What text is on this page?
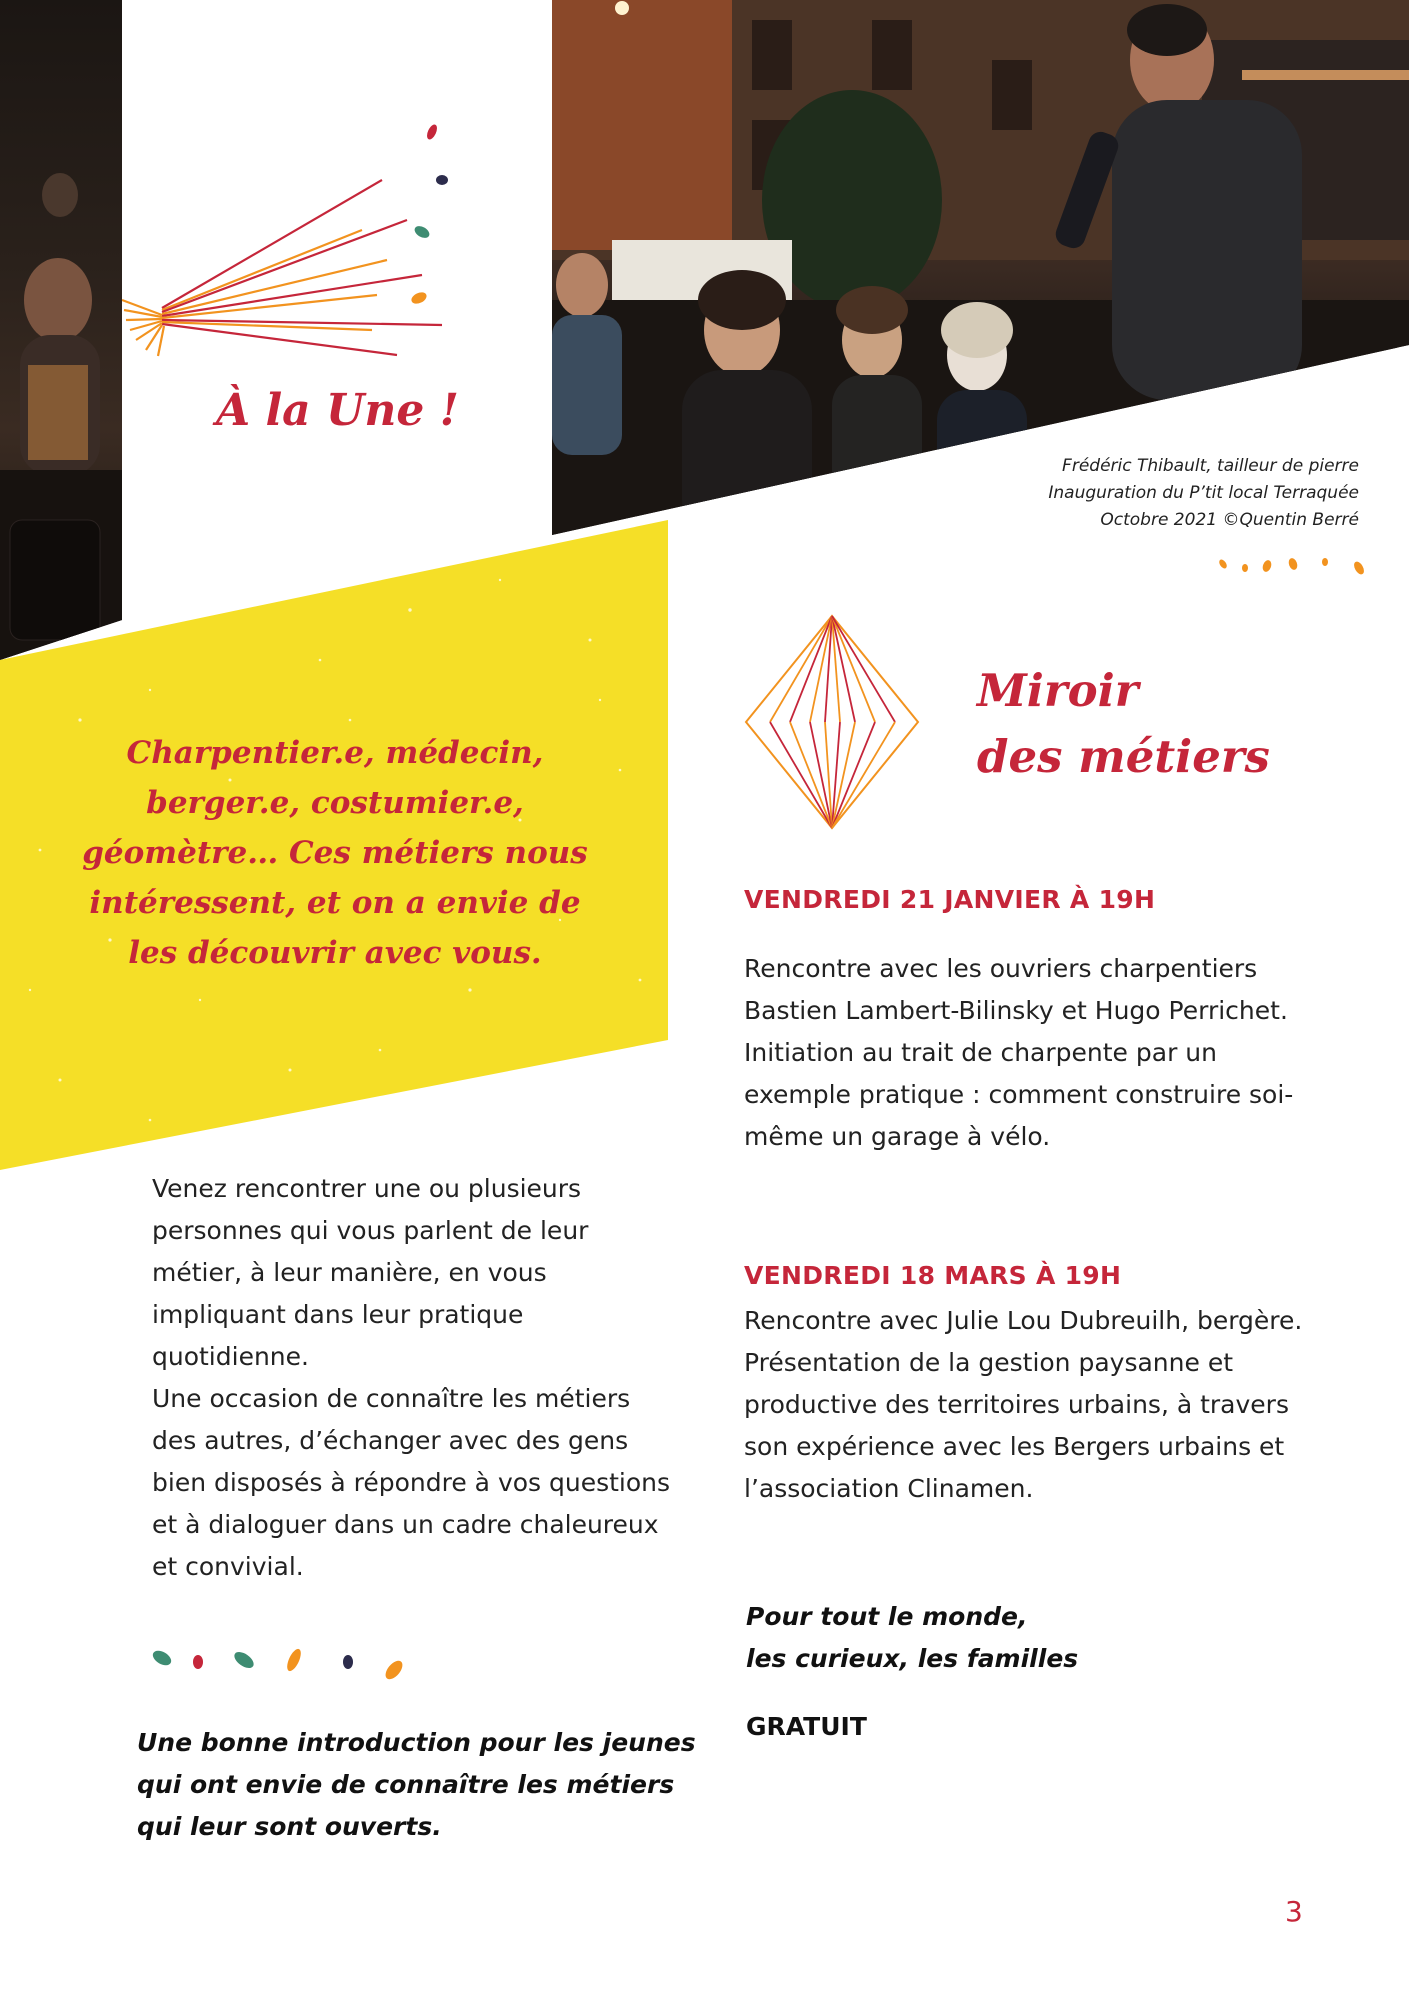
À la Une !
Frédéric Thibault, tailleur de pierre
Inauguration du P’tit local Terraquée
Octobre 2021 ©Quentin Berré

Charpentier.e, médecin, berger.e, costumier.e, géomètre… Ces métiers nous intéressent, et on a envie de les découvrir avec vous.

Venez rencontrer une ou plusieurs personnes qui vous parlent de leur métier, à leur manière, en vous impliquant dans leur pratique quotidienne.
Une occasion de connaître les métiers des autres, d’échanger avec des gens bien disposés à répondre à vos questions et à dialoguer dans un cadre chaleureux et convivial.

Une bonne introduction pour les jeunes qui ont envie de connaître les métiers qui leur sont ouverts.

Miroir
des métiers
VENDREDI 21 JANVIER À 19H
Rencontre avec les ouvriers charpentiers Bastien Lambert-Bilinsky et Hugo Perrichet.
Initiation au trait de charpente par un exemple pratique : comment construire soi-même un garage à vélo.
VENDREDI 18 MARS À 19H
Rencontre avec Julie Lou Dubreuilh, bergère.
Présentation de la gestion paysanne et productive des territoires urbains, à travers son expérience avec les Bergers urbains et l’association Clinamen.
Pour tout le monde,
les curieux, les familles

GRATUIT

3
